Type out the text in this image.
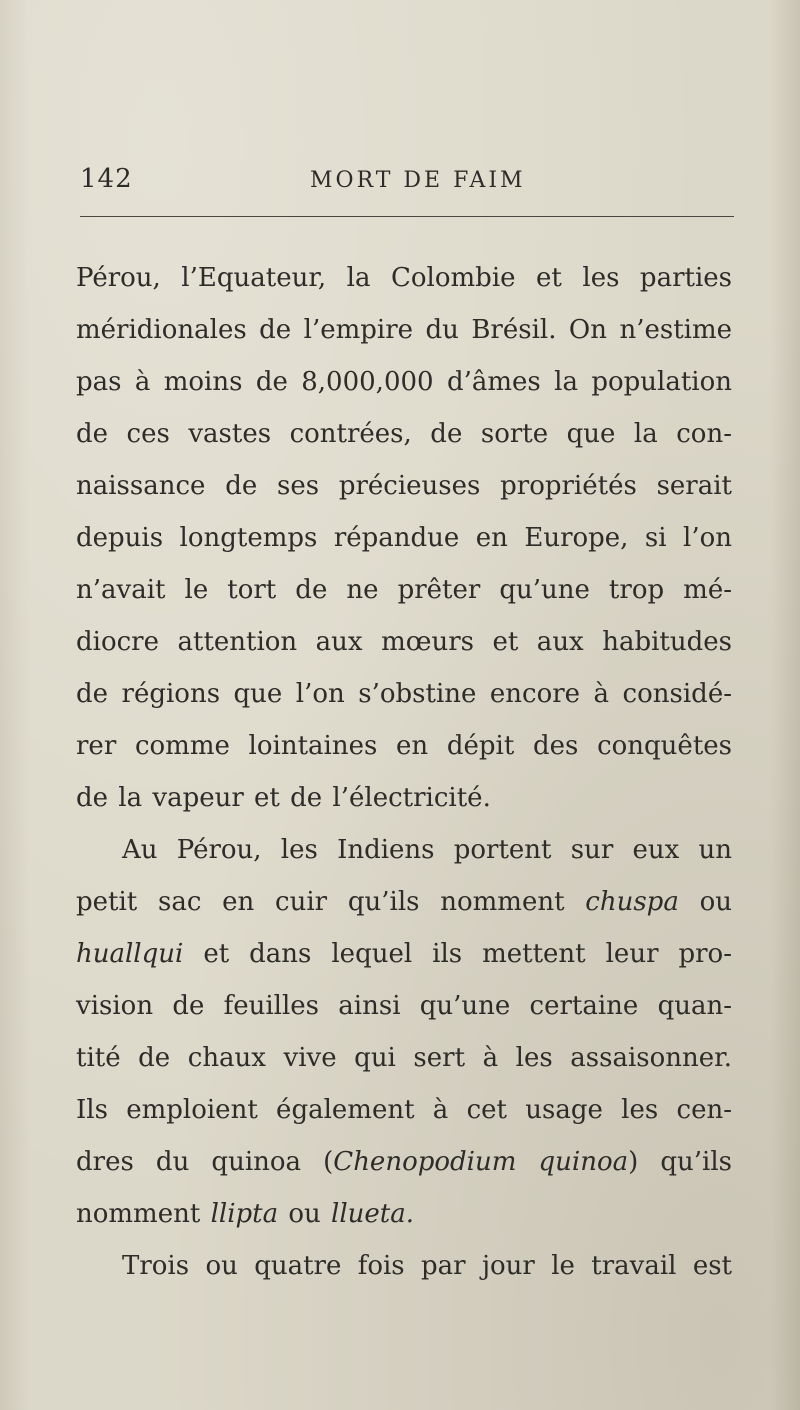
142	MORT DE FAIM
Pérou, l’Equateur, la Colombie et les parties
méridionales de l’empire du Brésil. On n’estime
pas à moins de 8,000,000 d’âmes la population
de ces vastes contrées, de sorte que la con-
naissance de ses précieuses propriétés serait
depuis longtemps répandue en Europe, si l’on
n’avait le tort de ne prêter qu’une trop mé-
diocre attention aux mœurs et aux habitudes
de régions que l’on s’obstine encore à considé-
rer comme lointaines en dépit des conquêtes
de la vapeur et de l’électricité.
Au Pérou, les Indiens portent sur eux un
petit sac en cuir qu’ils nomment chuspa ou
huallqui et dans lequel ils mettent leur pro-
vision de feuilles ainsi qu’une certaine quan-
tité de chaux vive qui sert à les assaisonner.
Ils emploient également à cet usage les cen-
dres du quinoa (Chenopodium quinoa) qu’ils
nomment llipta ou llueta.
Trois ou quatre fois par jour le travail est
